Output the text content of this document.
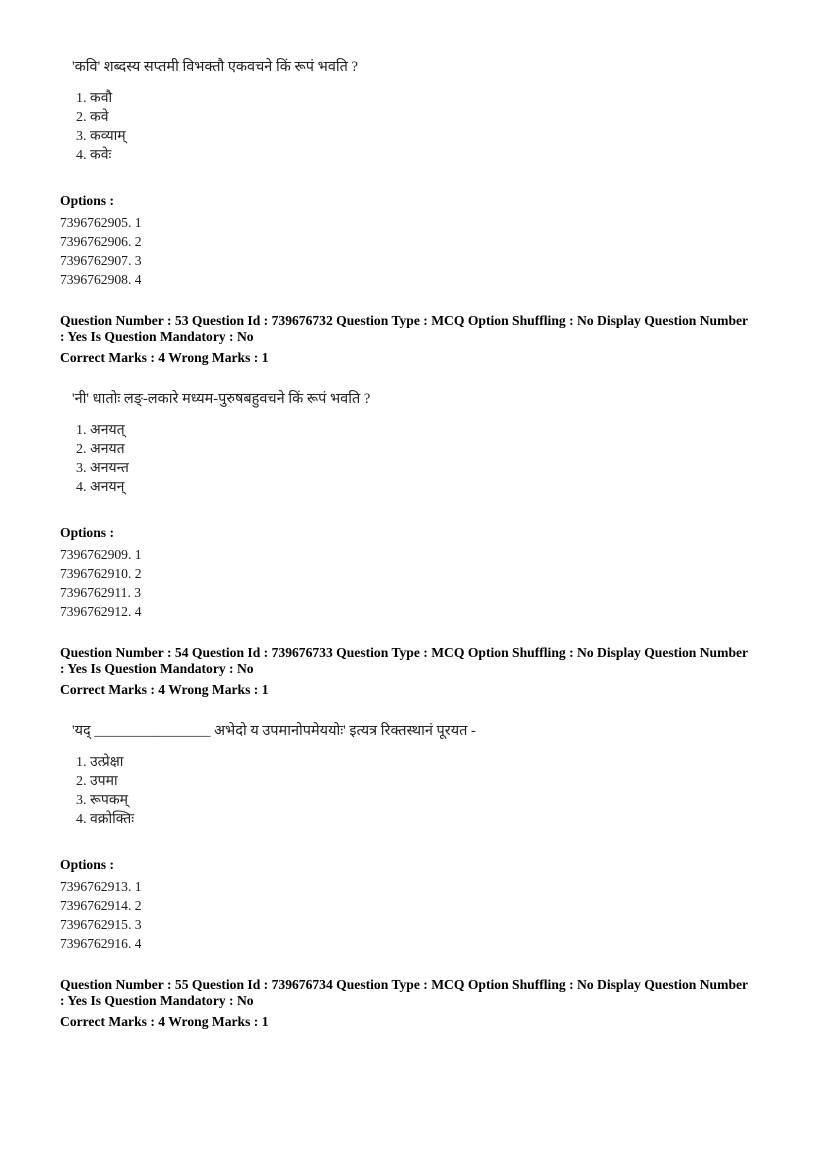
'कवि' शब्दस्य सप्तमी विभक्तौ एकवचने किं रूपं भवति ?

1. कवौ

2. कवे

3. कव्याम्

4. कवेः

Options :

7396762905. 1

7396762906. 2

7396762907. 3

7396762908. 4

Question Number : 53 Question Id : 739676732 Question Type : MCQ Option Shuffling : No Display Question Number : Yes Is Question Mandatory : No

Correct Marks : 4 Wrong Marks : 1

'नी' धातोः लङ्-लकारे मध्यम-पुरुषबहुवचने किं रूपं भवति ?

1. अनयत्

2. अनयत

3. अनयन्त

4. अनयन्

Options :

7396762909. 1

7396762910. 2

7396762911. 3

7396762912. 4

Question Number : 54 Question Id : 739676733 Question Type : MCQ Option Shuffling : No Display Question Number : Yes Is Question Mandatory : No

Correct Marks : 4 Wrong Marks : 1

'यद् ________________ अभेदो य उपमानोपमेययोः' इत्यत्र रिक्तस्थानं पूरयत -

1. उत्प्रेक्षा

2. उपमा

3. रूपकम्

4. वक्रोक्तिः

Options :

7396762913. 1

7396762914. 2

7396762915. 3

7396762916. 4

Question Number : 55 Question Id : 739676734 Question Type : MCQ Option Shuffling : No Display Question Number : Yes Is Question Mandatory : No

Correct Marks : 4 Wrong Marks : 1
